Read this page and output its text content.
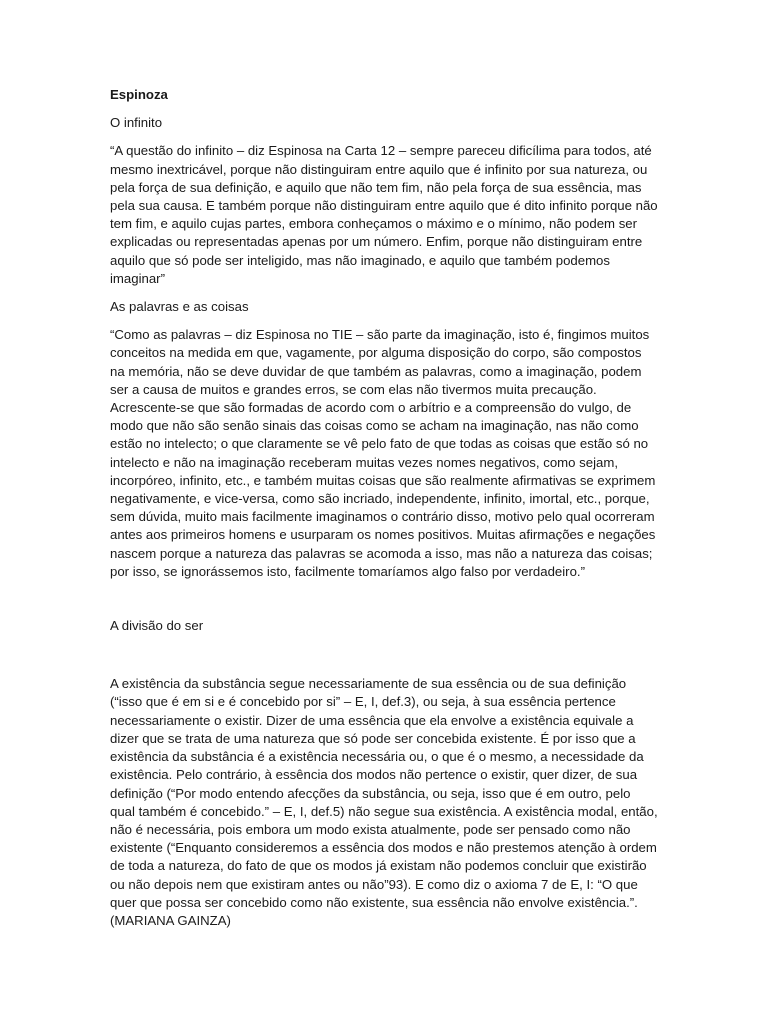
Espinoza
O infinito
“A questão do infinito – diz Espinosa na Carta 12 – sempre pareceu dificílima para todos, até mesmo inextricável, porque não distinguiram entre aquilo que é infinito por sua natureza, ou pela força de sua definição, e aquilo que não tem fim, não pela força de sua essência, mas pela sua causa. E também porque não distinguiram entre aquilo que é dito infinito porque não tem fim, e aquilo cujas partes, embora conheçamos o máximo e o mínimo, não podem ser explicadas ou representadas apenas por um número. Enfim, porque não distinguiram entre aquilo que só pode ser inteligido, mas não imaginado, e aquilo que também podemos imaginar”
As palavras e as coisas
“Como as palavras – diz Espinosa no TIE – são parte da imaginação, isto é, fingimos muitos conceitos na medida em que, vagamente, por alguma disposição do corpo, são compostos na memória, não se deve duvidar de que também as palavras, como a imaginação, podem ser a causa de muitos e grandes erros, se com elas não tivermos muita precaução. Acrescente-se que são formadas de acordo com o arbítrio e a compreensão do vulgo, de modo que não são senão sinais das coisas como se acham na imaginação, nas não como estão no intelecto; o que claramente se vê pelo fato de que todas as coisas que estão só no intelecto e não na imaginação receberam muitas vezes nomes negativos, como sejam, incorpóreo, infinito, etc., e também muitas coisas que são realmente afirmativas se exprimem negativamente, e vice-versa, como são incriado, independente, infinito, imortal, etc., porque, sem dúvida, muito mais facilmente imaginamos o contrário disso, motivo pelo qual ocorreram antes aos primeiros homens e usurparam os nomes positivos. Muitas afirmações e negações nascem porque a natureza das palavras se acomoda a isso, mas não a natureza das coisas; por isso, se ignorássemos isto, facilmente tomaríamos algo falso por verdadeiro.”
A divisão do ser
A existência da substância segue necessariamente de sua essência ou de sua definição (“isso que é em si e é concebido por si” – E, I, def.3), ou seja, à sua essência pertence necessariamente o existir. Dizer de uma essência que ela envolve a existência equivale a dizer que se trata de uma natureza que só pode ser concebida existente. É por isso que a existência da substância é a existência necessária ou, o que é o mesmo, a necessidade da existência. Pelo contrário, à essência dos modos não pertence o existir, quer dizer, de sua definição (“Por modo entendo afecções da substância, ou seja, isso que é em outro, pelo qual também é concebido.” – E, I, def.5) não segue sua existência. A existência modal, então, não é necessária, pois embora um modo exista atualmente, pode ser pensado como não existente (“Enquanto consideremos a essência dos modos e não prestemos atenção à ordem de toda a natureza, do fato de que os modos já existam não podemos concluir que existirão ou não depois nem que existiram antes ou não”93). E como diz o axioma 7 de E, I: “O que quer que possa ser concebido como não existente, sua essência não envolve existência.”. (MARIANA GAINZA)
